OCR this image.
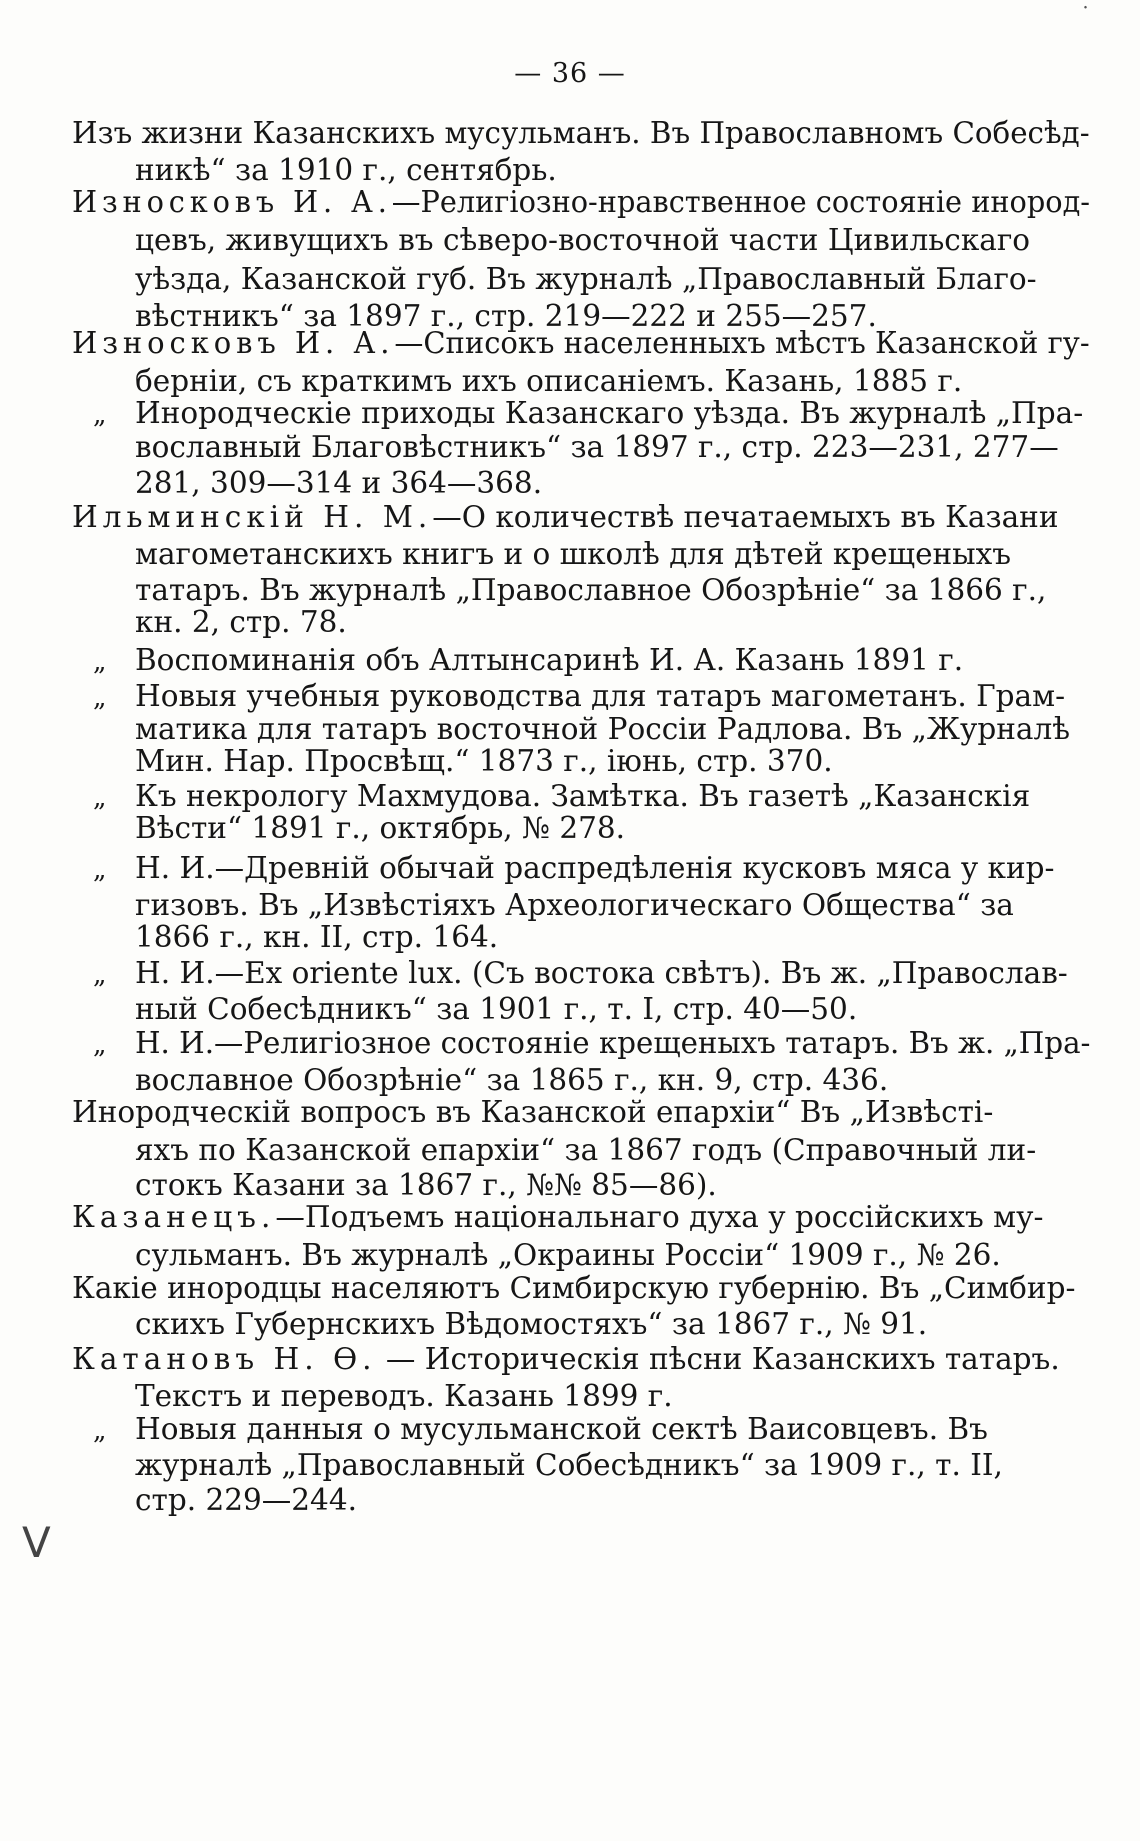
˙
— 36 —
Изъ жизни Казанскихъ мусульманъ. Въ Православномъ Собесѣд-
никѣ“ за 1910 г., сентябрь.
Износковъ И. А.—Религіозно-нравственное состояніе инород-
цевъ, живущихъ въ сѣверо-восточной части Цивильскаго
уѣзда, Казанской губ. Въ журналѣ „Православный Благо-
вѣстникъ“ за 1897 г., стр. 219—222 и 255—257.
Износковъ И. А.—Списокъ населенныхъ мѣстъ Казанской гу-
берніи, съ краткимъ ихъ описаніемъ. Казань, 1885 г.
„ Инородческіе приходы Казанскаго уѣзда. Въ журналѣ „Пра-
вославный Благовѣстникъ“ за 1897 г., стр. 223—231, 277—
281, 309—314 и 364—368.
Ильминскій Н. М.—О количествѣ печатаемыхъ въ Казани
магометанскихъ книгъ и о школѣ для дѣтей крещеныхъ
татаръ. Въ журналѣ „Православное Обозрѣніе“ за 1866 г.,
кн. 2, стр. 78.
„ Воспоминанія объ Алтынсаринѣ И. А. Казань 1891 г.
„ Новыя учебныя руководства для татаръ магометанъ. Грам-
матика для татаръ восточной Россіи Радлова. Въ „Журналѣ
Мин. Нар. Просвѣщ.“ 1873 г., іюнь, стр. 370.
„ Къ некрологу Махмудова. Замѣтка. Въ газетѣ „Казанскія
Вѣсти“ 1891 г., октябрь, № 278.
„ Н. И.—Древній обычай распредѣленія кусковъ мяса у кир-
гизовъ. Въ „Извѣстіяхъ Археологическаго Общества“ за
1866 г., кн. II, стр. 164.
„ Н. И.—Ex oriente lux. (Съ востока свѣтъ). Въ ж. „Православ-
ный Собесѣдникъ“ за 1901 г., т. I, стр. 40—50.
„ Н. И.—Религіозное состояніе крещеныхъ татаръ. Въ ж. „Пра-
вославное Обозрѣніе“ за 1865 г., кн. 9, стр. 436.
Инородческій вопросъ въ Казанской епархіи“ Въ „Извѣсті-
яхъ по Казанской епархіи“ за 1867 годъ (Справочный ли-
стокъ Казани за 1867 г., №№ 85—86).
Казанецъ.—Подъемъ національнаго духа у россійскихъ му-
сульманъ. Въ журналѣ „Окраины Россіи“ 1909 г., № 26.
Какіе инородцы населяютъ Симбирскую губернію. Въ „Симбир-
скихъ Губернскихъ Вѣдомостяхъ“ за 1867 г., № 91.
Катановъ Н. Ѳ. — Историческія пѣсни Казанскихъ татаръ.
Текстъ и переводъ. Казань 1899 г.
„ Новыя данныя о мусульманской сектѣ Ваисовцевъ. Въ
журналѣ „Православный Собесѣдникъ“ за 1909 г., т. II,
стр. 229—244.
V
